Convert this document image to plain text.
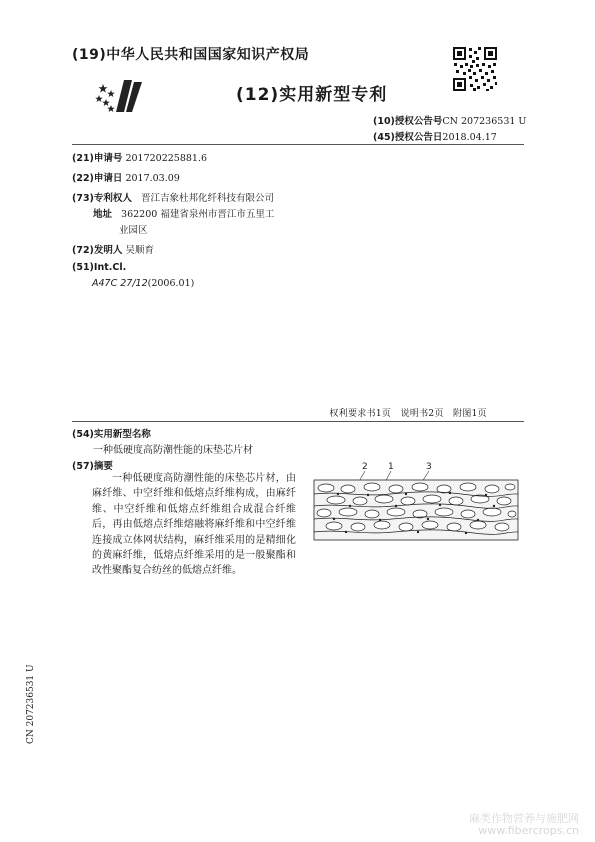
(19)中华人民共和国国家知识产权局
(12)实用新型专利
(10)授权公告号CN 207236531 U
(45)授权公告日2018.04.17
(21)申请号 201720225881.6
(22)申请日 2017.03.09
(73)专利权人 晋江吉象杜邦化纤科技有限公司
地址 362200 福建省泉州市晋江市五里工
业园区
(72)发明人 吴顺育
(51)Int.Cl.
A47C 27/12(2006.01)
权利要求书1页　说明书2页　附图1页
(54)实用新型名称
一种低硬度高防潮性能的床垫芯片材
(57)摘要
一种低硬度高防潮性能的床垫芯片材，由麻纤维、中空纤维和低熔点纤维构成，由麻纤维、中空纤维和低熔点纤维组合成混合纤维后，再由低熔点纤维熔融将麻纤维和中空纤维连接成立体网状结构，麻纤维采用的是精细化的黄麻纤维，低熔点纤维采用的是一般聚酯和改性聚酯复合纺丝的低熔点纤维。
2 1	3
CN 207236531 U
麻类作物营养与施肥网
www.fibercrops.cn
